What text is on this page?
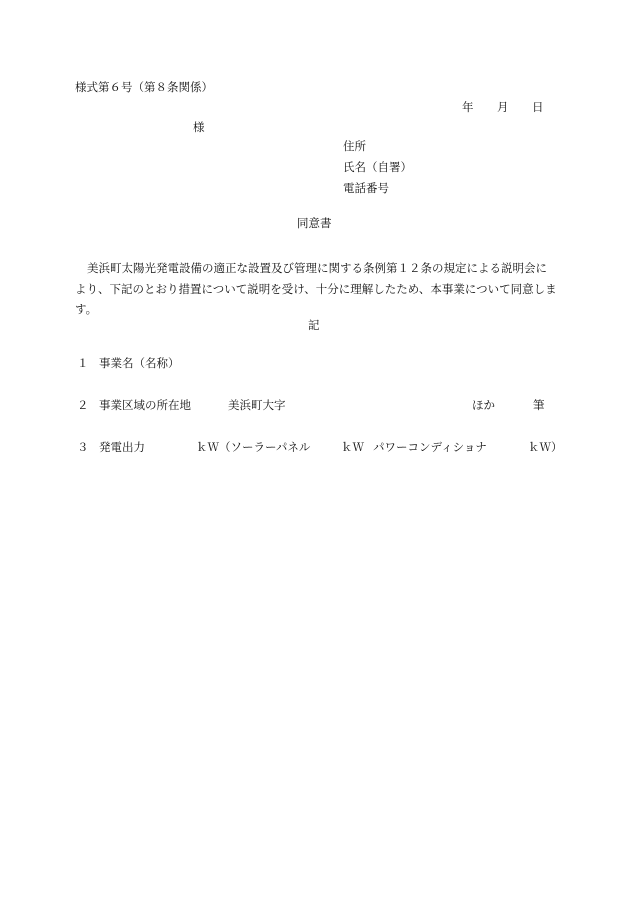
様式第６号（第８条関係）
年 月 日
様
住所
氏名（自署）
電話番号
同意書
美浜町太陽光発電設備の適正な設置及び管理に関する条例第１２条の規定による説明会により、下記のとおり措置について説明を受け、十分に理解したため、本事業について同意します。
記
１ 事業名（名称）
２ 事業区域の所在地	美浜町大字	ほか	筆
３ 発電出力	ｋＷ（ソーラーパネル	ｋＷ パワーコンディショナ	ｋＷ）
